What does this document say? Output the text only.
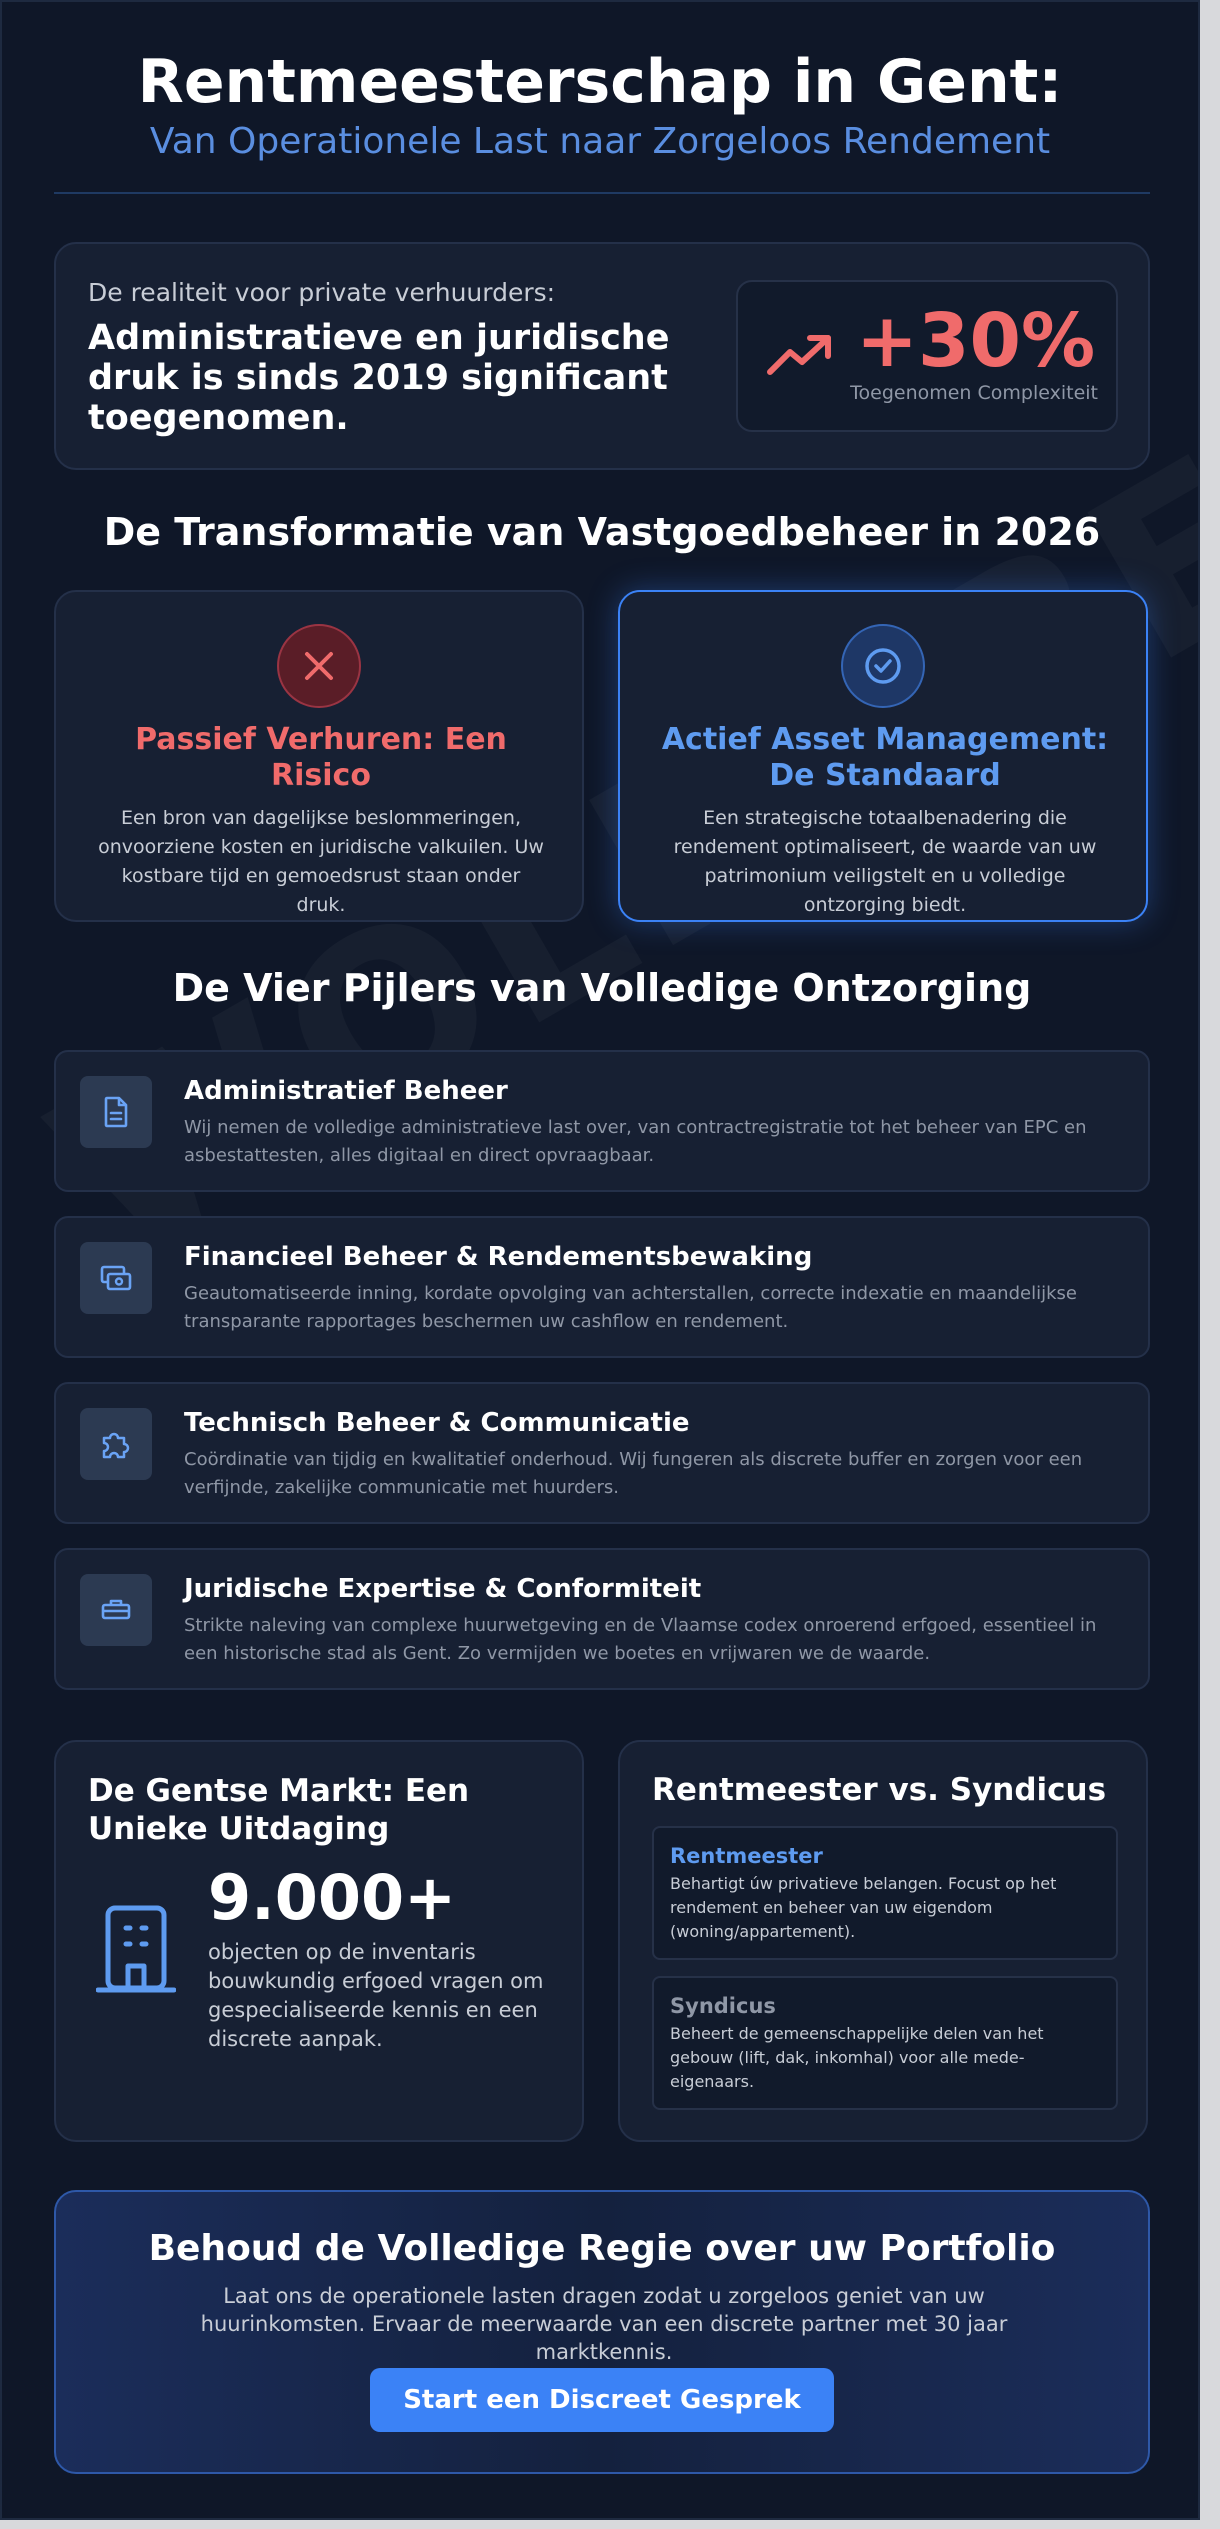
Rentmeesterschap in Gent:
Van Operationele Last naar Zorgeloos Rendement
De realiteit voor private verhuurders:
Administratieve en juridische druk is sinds 2019 significant toegenomen.
+30%
Toegenomen Complexiteit
De Transformatie van Vastgoedbeheer in 2026
Passief Verhuren: Een Risico
Een bron van dagelijkse beslommeringen, onvoorziene kosten en juridische valkuilen. Uw kostbare tijd en gemoedsrust staan onder druk.
Actief Asset Management: De Standaard
Een strategische totaalbenadering die rendement optimaliseert, de waarde van uw patrimonium veiligstelt en u volledige ontzorging biedt.
De Vier Pijlers van Volledige Ontzorging
Administratief Beheer
Wij nemen de volledige administratieve last over, van contractregistratie tot het beheer van EPC en asbestattesten, alles digitaal en direct opvraagbaar.
Financieel Beheer & Rendementsbewaking
Geautomatiseerde inning, kordate opvolging van achterstallen, correcte indexatie en maandelijkse transparante rapportages beschermen uw cashflow en rendement.
Technisch Beheer & Communicatie
Coördinatie van tijdig en kwalitatief onderhoud. Wij fungeren als discrete buffer en zorgen voor een verfijnde, zakelijke communicatie met huurders.
Juridische Expertise & Conformiteit
Strikte naleving van complexe huurwetgeving en de Vlaamse codex onroerend erfgoed, essentieel in een historische stad als Gent. Zo vermijden we boetes en vrijwaren we de waarde.
De Gentse Markt: Een Unieke Uitdaging
9.000+
objecten op de inventaris bouwkundig erfgoed vragen om gespecialiseerde kennis en een discrete aanpak.
Rentmeester vs. Syndicus
Rentmeester
Behartigt úw privatieve belangen. Focust op het rendement en beheer van uw eigendom (woning/appartement).
Syndicus
Beheert de gemeenschappelijke delen van het gebouw (lift, dak, inkomhal) voor alle mede-eigenaars.
Behoud de Volledige Regie over uw Portfolio
Laat ons de operationele lasten dragen zodat u zorgeloos geniet van uw huurinkomsten. Ervaar de meerwaarde van een discrete partner met 30 jaar marktkennis.
Start een Discreet Gesprek
